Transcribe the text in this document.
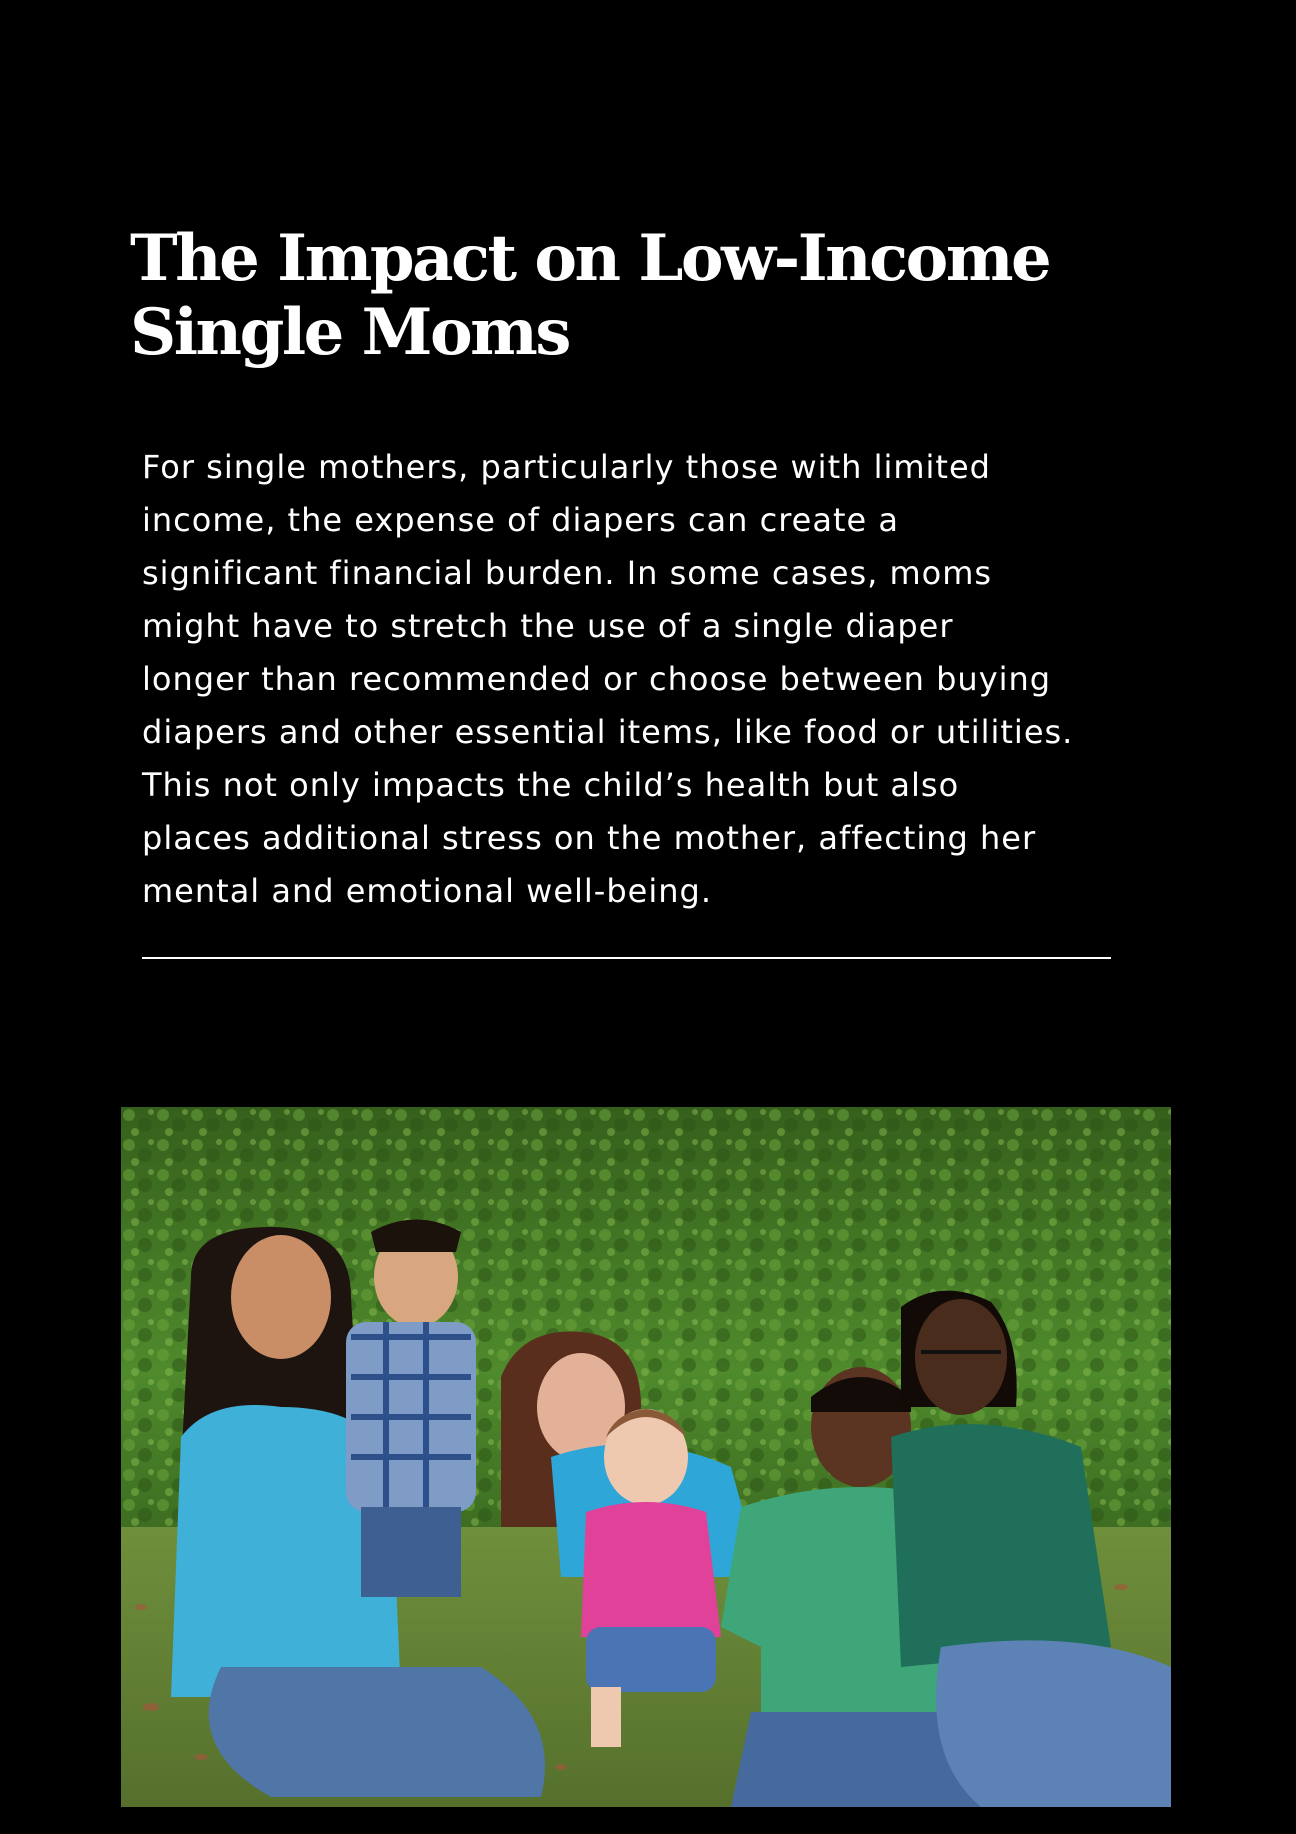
The Impact on Low-Income
Single Moms

For single mothers, particularly those with limited
income, the expense of diapers can create a
significant financial burden. In some cases, moms
might have to stretch the use of a single diaper
longer than recommended or choose between buying
diapers and other essential items, like food or utilities.
This not only impacts the child’s health but also
places additional stress on the mother, affecting her
mental and emotional well-being.
